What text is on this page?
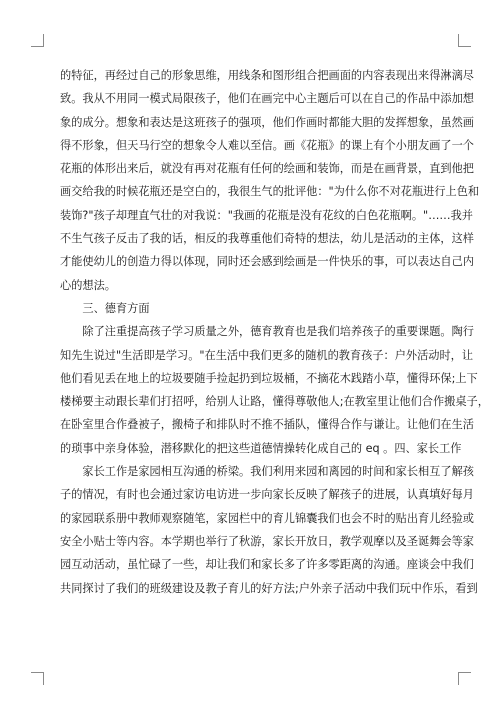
的特征，再经过自己的形象思维，用线条和图形组合把画面的内容表现出来得淋漓尽
致。我从不用同一模式局限孩子，他们在画完中心主题后可以在自己的作品中添加想
象的成分。想象和表达是这班孩子的强项，他们作画时都能大胆的发挥想象，虽然画
得不形象，但天马行空的想象令人难以至信。画《花瓶》的课上有个小朋友画了一个
花瓶的体形出来后，就没有再对花瓶有任何的绘画和装饰，而是在画背景，直到他把
画交给我的时候花瓶还是空白的，我很生气的批评他："为什么你不对花瓶进行上色和
装饰?"孩子却理直气壮的对我说："我画的花瓶是没有花纹的白色花瓶啊。"……我并
不生气孩子反击了我的话，相反的我尊重他们奇特的想法，幼儿是活动的主体，这样
才能使幼儿的创造力得以体现，同时还会感到绘画是一件快乐的事，可以表达自己内
心的想法。
　　三、德育方面
　　除了注重提高孩子学习质量之外，德育教育也是我们培养孩子的重要课题。陶行
知先生说过"生活即是学习。"在生活中我们更多的随机的教育孩子：户外活动时，让
他们看见丢在地上的垃圾要随手捡起扔到垃圾桶，不摘花木践踏小草，懂得环保;上下
楼梯要主动跟长辈们打招呼，给别人让路，懂得尊敬他人;在教室里让他们合作搬桌子，
在卧室里合作叠被子，搬椅子和排队时不推不插队，懂得合作与谦让。让他们在生活
的琐事中亲身体验，潜移默化的把这些道德情操转化成自己的 eq 。四、家长工作
　　家长工作是家园相互沟通的桥梁。我们利用来园和离园的时间和家长相互了解孩
子的情况，有时也会通过家访电访进一步向家长反映了解孩子的进展，认真填好每月
的家园联系册中教师观察随笔，家园栏中的育儿锦囊我们也会不时的贴出育儿经验或
安全小贴士等内容。本学期也举行了秋游，家长开放日，教学观摩以及圣诞舞会等家
园互动活动，虽忙碌了一些，却让我们和家长多了许多零距离的沟通。座谈会中我们
共同探讨了我们的班级建设及教子育儿的好方法;户外亲子活动中我们玩中作乐，看到
